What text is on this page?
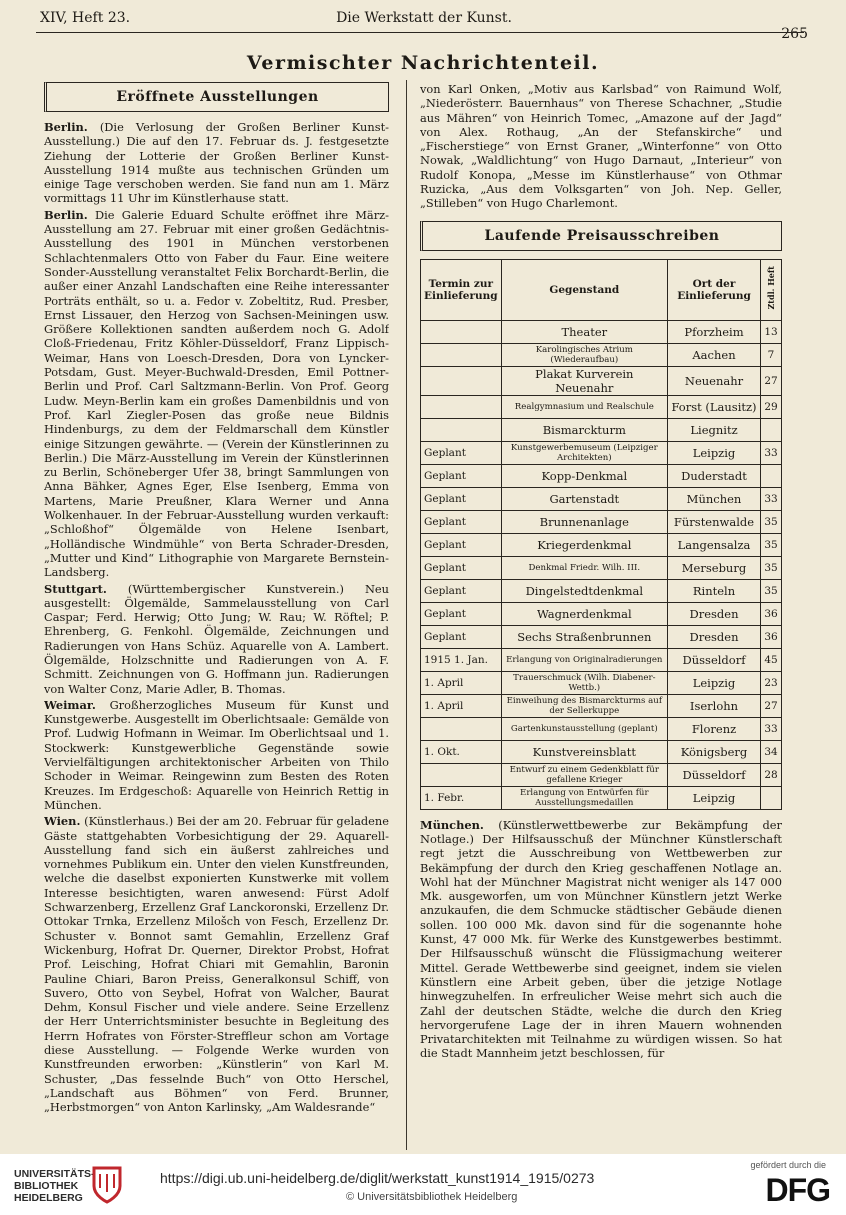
XIV, Heft 23.	Die Werkstatt der Kunst.
265
Vermischter Nachrichtenteil.
Eröffnete Ausstellungen

Berlin. (Die Verlosung der Großen Berliner Kunst-Ausstellung.) Die auf den 17. Februar ds. J. festgesetzte Ziehung der Lotterie der Großen Berliner Kunst-Ausstellung 1914 mußte aus technischen Gründen um einige Tage verschoben werden. Sie fand nun am 1. März vormittags 11 Uhr im Künstlerhause statt.

Berlin. Die Galerie Eduard Schulte eröffnet ihre März-Ausstellung am 27. Februar mit einer großen Gedächtnis-Ausstellung des 1901 in München verstorbenen Schlachtenmalers Otto von Faber du Faur. Eine weitere Sonder-Ausstellung veranstaltet Felix Borchardt-Berlin, die außer einer Anzahl Landschaften eine Reihe interessanter Porträts enthält, so u. a. Fedor v. Zobeltitz, Rud. Presber, Ernst Lissauer, den Herzog von Sachsen-Meiningen usw. Größere Kollektionen sandten außerdem noch G. Adolf Cloß-Friedenau, Fritz Köhler-Düsseldorf, Franz Lippisch-Weimar, Hans von Loesch-Dresden, Dora von Lyncker-Potsdam, Gust. Meyer-Buchwald-Dresden, Emil Pottner-Berlin und Prof. Carl Saltzmann-Berlin. Von Prof. Georg Ludw. Meyn-Berlin kam ein großes Damenbildnis und von Prof. Karl Ziegler-Posen das große neue Bildnis Hindenburgs, zu dem der Feldmarschall dem Künstler einige Sitzungen gewährte. — (Verein der Künstlerinnen zu Berlin.) Die März-Ausstellung im Verein der Künstlerinnen zu Berlin, Schöneberger Ufer 38, bringt Sammlungen von Anna Bähker, Agnes Eger, Else Isenberg, Emma von Martens, Marie Preußner, Klara Werner und Anna Wolkenhauer. In der Februar-Ausstellung wurden verkauft: „Schloßhof“ Ölgemälde von Helene Isenbart, „Holländische Windmühle“ von Berta Schrader-Dresden, „Mutter und Kind“ Lithographie von Margarete Bernstein-Landsberg.

Stuttgart. (Württembergischer Kunstverein.) Neu ausgestellt: Ölgemälde, Sammelausstellung von Carl Caspar; Ferd. Herwig; Otto Jung; W. Rau; W. Röftel; P. Ehrenberg, G. Fenkohl. Ölgemälde, Zeichnungen und Radierungen von Hans Schüz. Aquarelle von A. Lambert. Ölgemälde, Holzschnitte und Radierungen von A. F. Schmitt. Zeichnungen von G. Hoffmann jun. Radierungen von Walter Conz, Marie Adler, B. Thomas.

Weimar. Großherzogliches Museum für Kunst und Kunstgewerbe. Ausgestellt im Oberlichtsaale: Gemälde von Prof. Ludwig Hofmann in Weimar. Im Oberlichtsaal und 1. Stockwerk: Kunstgewerbliche Gegenstände sowie Vervielfältigungen architektonischer Arbeiten von Thilo Schoder in Weimar. Reingewinn zum Besten des Roten Kreuzes. Im Erdgeschoß: Aquarelle von Heinrich Rettig in München.

Wien. (Künstlerhaus.) Bei der am 20. Februar für geladene Gäste stattgehabten Vorbesichtigung der 29. Aquarell-Ausstellung fand sich ein äußerst zahlreiches und vornehmes Publikum ein. Unter den vielen Kunstfreunden, welche die daselbst exponierten Kunstwerke mit vollem Interesse besichtigten, waren anwesend: Fürst Adolf Schwarzenberg, Erzellenz Graf Lanckoronski, Erzellenz Dr. Ottokar Trnka, Erzellenz Milošch von Fesch, Erzellenz Dr. Schuster v. Bonnot samt Gemahlin, Erzellenz Graf Wickenburg, Hofrat Dr. Querner, Direktor Probst, Hofrat Prof. Leisching, Hofrat Chiari mit Gemahlin, Baronin Pauline Chiari, Baron Preiss, Generalkonsul Schiff, von Suvero, Otto von Seybel, Hofrat von Walcher, Baurat Dehm, Konsul Fischer und viele andere. Seine Erzellenz der Herr Unterrichtsminister besuchte in Begleitung des Herrn Hofrates von Förster-Streffleur schon am Vortage diese Ausstellung. — Folgende Werke wurden von Kunstfreunden erworben: „Künstlerin“ von Karl M. Schuster, „Das fesselnde Buch“ von Otto Herschel, „Landschaft aus Böhmen“ von Ferd. Brunner, „Herbstmorgen“ von Anton Karlinsky, „Am Waldesrande“

von Karl Onken, „Motiv aus Karlsbad“ von Raimund Wolf, „Niederösterr. Bauernhaus“ von Therese Schachner, „Studie aus Mähren“ von Heinrich Tomec, „Amazone auf der Jagd“ von Alex. Rothaug, „An der Stefanskirche“ und „Fischerstiege“ von Ernst Graner, „Winterfonne“ von Otto Nowak, „Waldlichtung“ von Hugo Darnaut, „Interieur“ von Rudolf Konopa, „Messe im Künstlerhause“ von Othmar Ruzicka, „Aus dem Volksgarten“ von Joh. Nep. Geller, „Stilleben“ von Hugo Charlemont.

Laufende Preisausschreiben
Termin zur Einlieferung	Gegenstand	Ort der Einlieferung	Ztdl. Heft
	Theater	Pforzheim	13
	Karolingisches Atrium (Wiederaufbau)	Aachen	7
	Plakat Kurverein Neuenahr	Neuenahr	27
	Realgymnasium und Realschule	Forst (Lausitz)	29
	Bismarckturm	Liegnitz	
Geplant	Kunstgewerbemuseum (Leipziger Architekten)	Leipzig	33
Geplant	Kopp-Denkmal	Duderstadt	
Geplant	Gartenstadt	München	33
Geplant	Brunnenanlage	Fürstenwalde	35
Geplant	Kriegerdenkmal	Langensalza	35
Geplant	Denkmal Friedr. Wilh. III.	Merseburg	35
Geplant	Dingelstedtdenkmal	Rinteln	35
Geplant	Wagnerdenkmal	Dresden	36
Geplant	Sechs Straßenbrunnen	Dresden	36
1915 1. Jan.	Erlangung von Originalradierungen	Düsseldorf	45
1. April	Trauerschmuck (Wilh. Diabener-Wettb.)	Leipzig	23
1. April	Einweihung des Bismarckturms auf der Sellerkuppe	Iserlohn	27
	Gartenkunstausstellung (geplant)	Florenz	33
1. Okt.	Kunstvereinsblatt	Königsberg	34
	Entwurf zu einem Gedenkblatt für gefallene Krieger	Düsseldorf	28
1. Febr.	Erlangung von Entwürfen für Ausstellungsmedaillen	Leipzig	

München. (Künstlerwettbewerbe zur Bekämpfung der Notlage.) Der Hilfsausschuß der Münchner Künstlerschaft regt jetzt die Ausschreibung von Wettbewerben zur Bekämpfung der durch den Krieg geschaffenen Notlage an. Wohl hat der Münchner Magistrat nicht weniger als 147 000 Mk. ausgeworfen, um von Münchner Künstlern jetzt Werke anzukaufen, die dem Schmucke städtischer Gebäude dienen sollen. 100 000 Mk. davon sind für die sogenannte hohe Kunst, 47 000 Mk. für Werke des Kunstgewerbes bestimmt. Der Hilfsausschuß wünscht die Flüssigmachung weiterer Mittel. Gerade Wettbewerbe sind geeignet, indem sie vielen Künstlern eine Arbeit geben, über die jetzige Notlage hinwegzuhelfen. In erfreulicher Weise mehrt sich auch die Zahl der deutschen Städte, welche die durch den Krieg hervorgerufene Lage der in ihren Mauern wohnenden Privatarchitekten mit Teilnahme zu würdigen wissen. So hat die Stadt Mannheim jetzt beschlossen, für

UNIVERSITÄTS-
BIBLIOTHEK
HEIDELBERG
https://digi.ub.uni-heidelberg.de/diglit/werkstatt_kunst1914_1915/0273
© Universitätsbibliothek Heidelberg
gefördert durch die
DFG
